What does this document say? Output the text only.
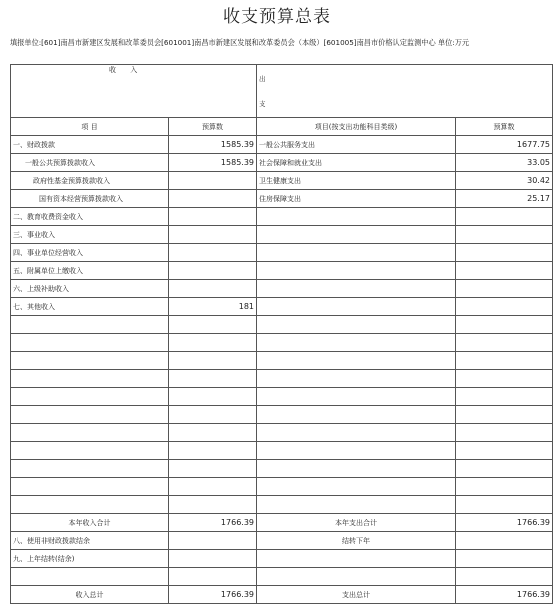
收支预算总表
填报单位:[601]南昌市新建区发展和改革委员会[601001]南昌市新建区发展和改革委员会（本级）[601005]南昌市价格认定监测中心 单位:万元
收 入		出
支	

项 目	预算数	项目(按支出功能科目类级)	预算数
一、财政拨款	1585.39	一般公共服务支出	1677.75
一般公共预算拨款收入	1585.39	社会保障和就业支出	33.05
政府性基金预算拨款收入		卫生健康支出	30.42
国有资本经营预算拨款收入		住房保障支出	25.17
二、教育收费资金收入			
三、事业收入			
四、事业单位经营收入			
五、附属单位上缴收入			
六、上级补助收入			
七、其他收入	181		

本年收入合计	1766.39	本年支出合计	1766.39
八、使用非财政拨款结余		结转下年	
九、上年结转(结余)			

收入总计	1766.39	支出总计	1766.39
